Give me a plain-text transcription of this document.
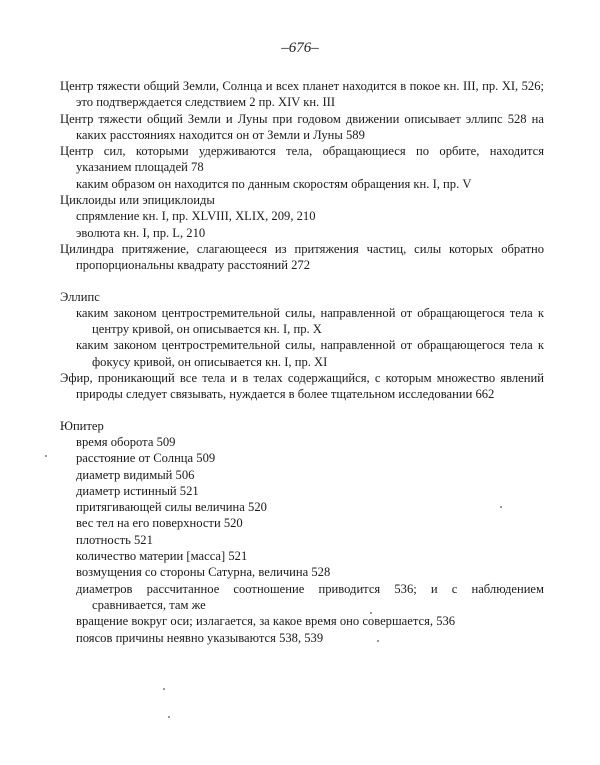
–676–

Центр тяжести общий Земли, Солнца и всех планет находится в покое кн. III, пр. XI, 526; это подтверждается следствием 2 пр. XIV кн. III

Центр тяжести общий Земли и Луны при годовом движении описывает эллипс 528 на каких расстояниях находится он от Земли и Луны 589

Центр сил, которыми удерживаются тела, обращающиеся по орбите, находится указанием площадей 78

каким образом он находится по данным скоростям обращения кн. I, пр. V

Циклоиды или эпициклоиды

спрямление кн. I, пр. XLVIII, XLIX, 209, 210

эволюта кн. I, пр. L, 210

Цилиндра притяжение, слагающееся из притяжения частиц, силы которых обратно пропорциональны квадрату расстояний 272

Эллипс

каким законом центростремительной силы, направленной от обращающегося тела к центру кривой, он описывается кн. I, пр. X

каким законом центростремительной силы, направленной от обращающегося тела к фокусу кривой, он описывается кн. I, пр. XI

Эфир, проникающий все тела и в телах содержащийся, с которым множество явлений природы следует связывать, нуждается в более тщательном исследовании 662

Юпитер

время оборота 509

расстояние от Солнца 509

диаметр видимый 506

диаметр истинный 521

притягивающей силы величина 520

вес тел на его поверхности 520

плотность 521

количество материи [масса] 521

возмущения со стороны Сатурна, величина 528

диаметров рассчитанное соотношение приводится 536; и с наблюдением сравнивается, там же

вращение вокруг оси; излагается, за какое время оно совершается, 536

поясов причины неявно указываются 538, 539
